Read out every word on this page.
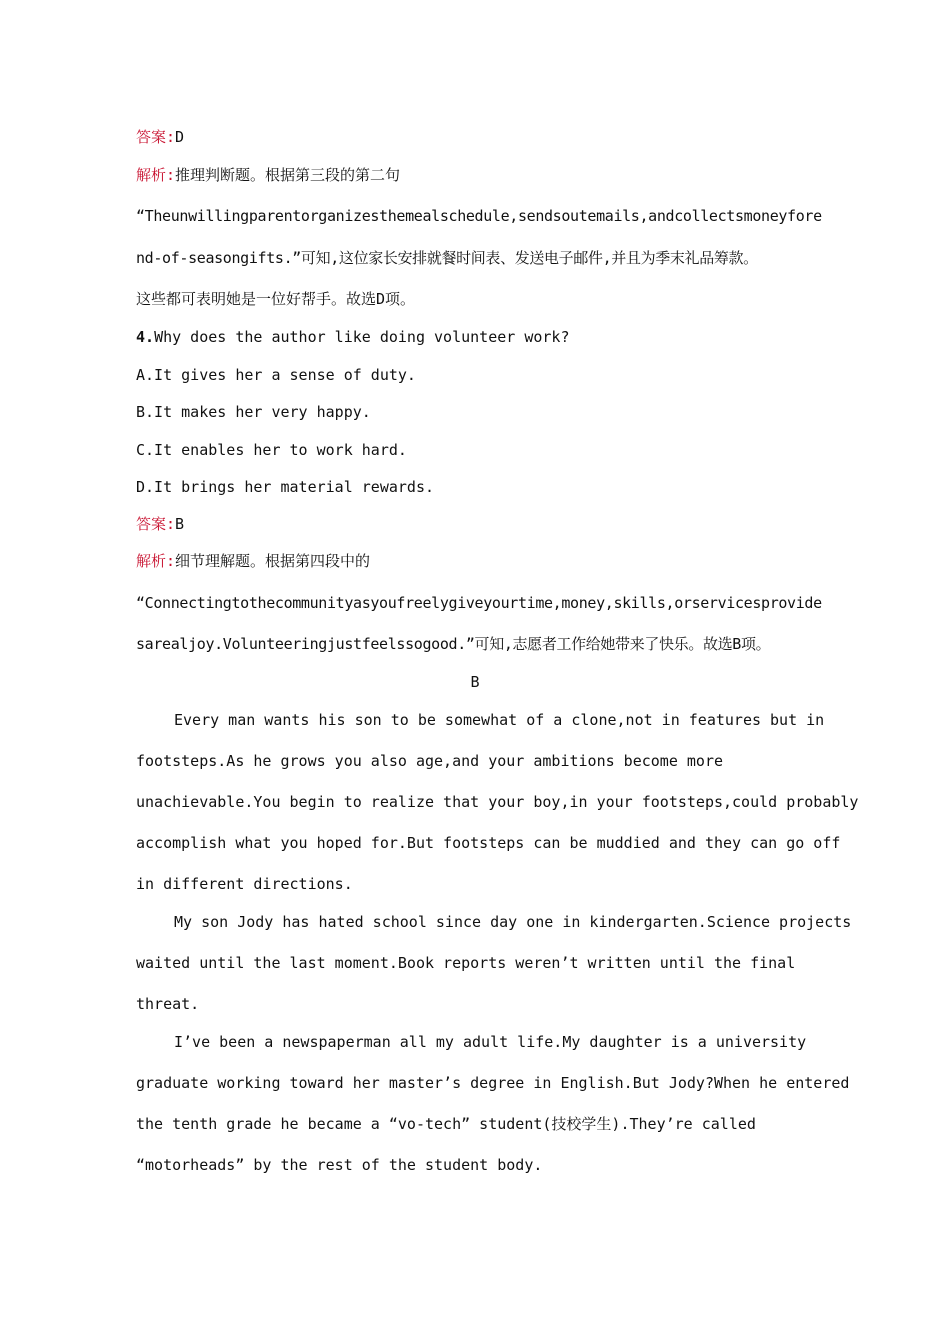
答案:D
解析:推理判断题。根据第三段的第二句
“Theunwillingparentorganizesthemealschedule,sendsoutemails,andcollectsmoneyfore
nd-of-seasongifts.”可知,这位家长安排就餐时间表、发送电子邮件,并且为季末礼品筹款。
这些都可表明她是一位好帮手。故选D项。
4.Why does the author like doing volunteer work?
A.It gives her a sense of duty.
B.It makes her very happy.
C.It enables her to work hard.
D.It brings her material rewards.
答案:B
解析:细节理解题。根据第四段中的
“Connectingtothecommunityasyoufreelygiveyourtime,money,skills,orservicesprovide
sarealjoy.Volunteeringjustfeelssogood.”可知,志愿者工作给她带来了快乐。故选B项。
B
Every man wants his son to be somewhat of a clone,not in features but in
footsteps.As he grows you also age,and your ambitions become more
unachievable.You begin to realize that your boy,in your footsteps,could probably
accomplish what you hoped for.But footsteps can be muddied and they can go off
in different directions.
My son Jody has hated school since day one in kindergarten.Science projects
waited until the last moment.Book reports weren’t written until the final
threat.
I’ve been a newspaperman all my adult life.My daughter is a university
graduate working toward her master’s degree in English.But Jody?When he entered
the tenth grade he became a “vo-tech” student(技校学生).They’re called
“motorheads” by the rest of the student body.
